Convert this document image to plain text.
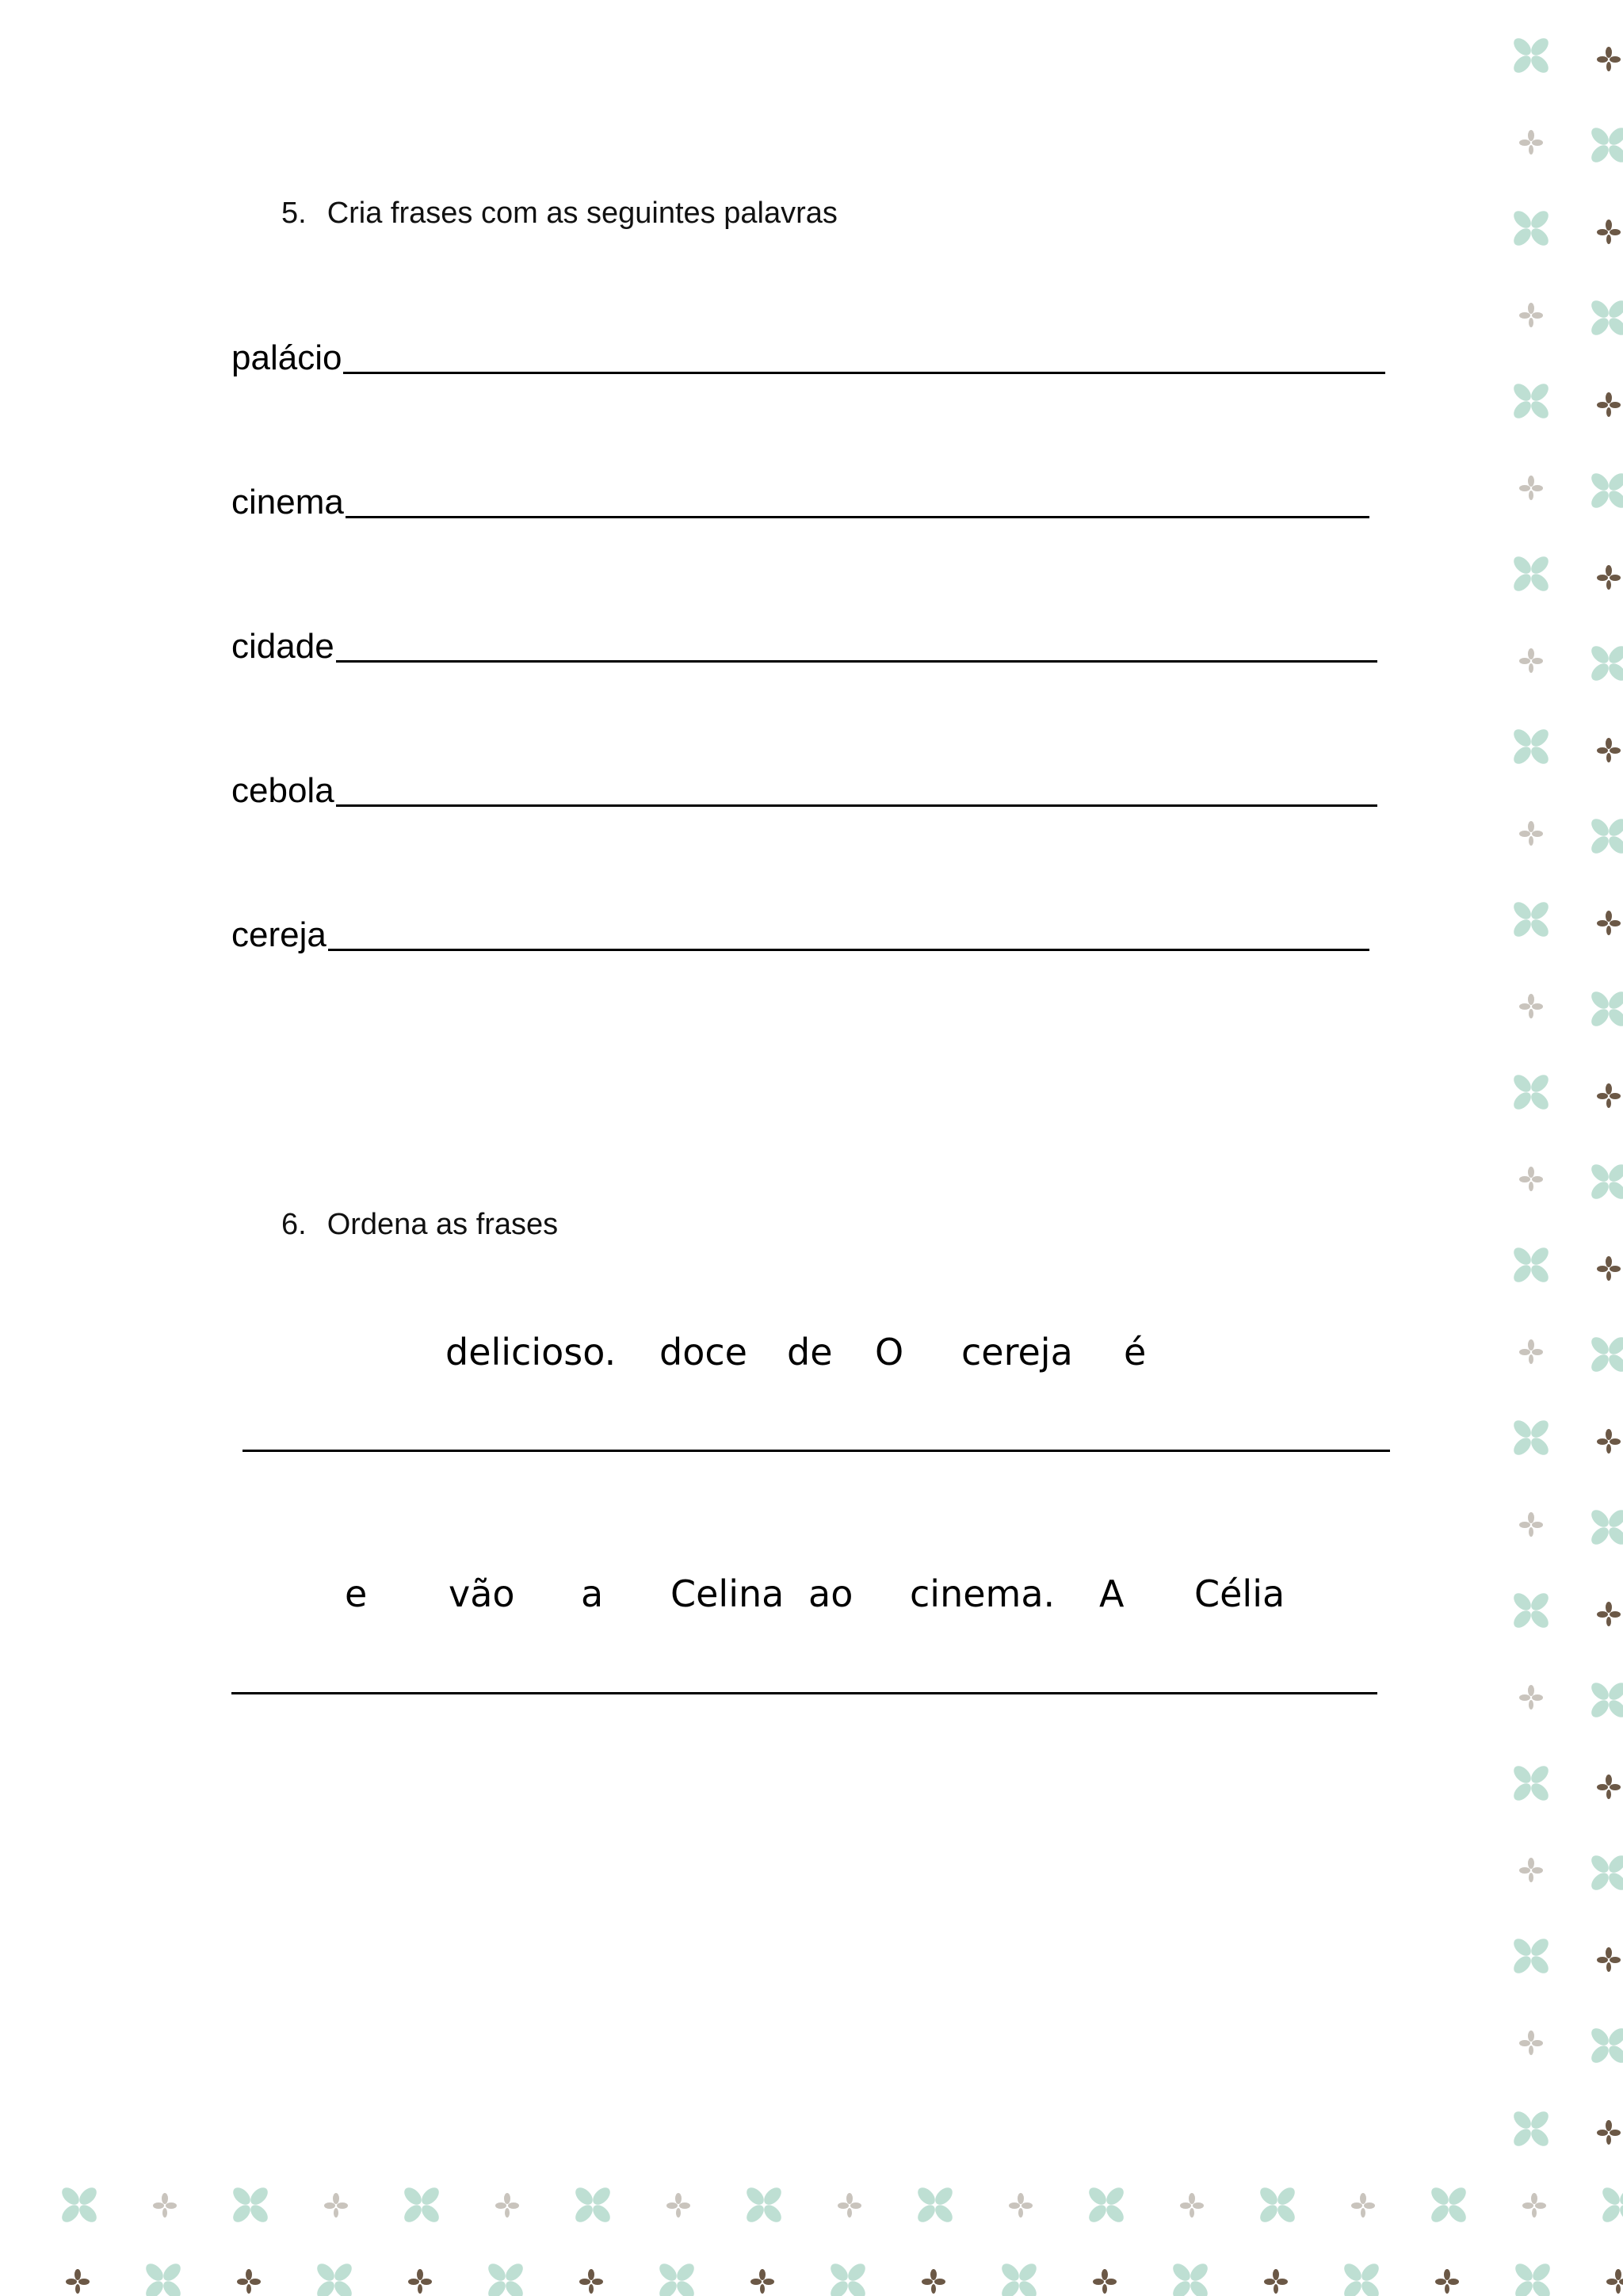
5. Cria frases com as seguintes palavras
palácio
cinema
cidade
cebola
cereja
6. Ordena as frases
delicioso. doce de O cereja é
e vão a Celina ao cinema. A Célia
